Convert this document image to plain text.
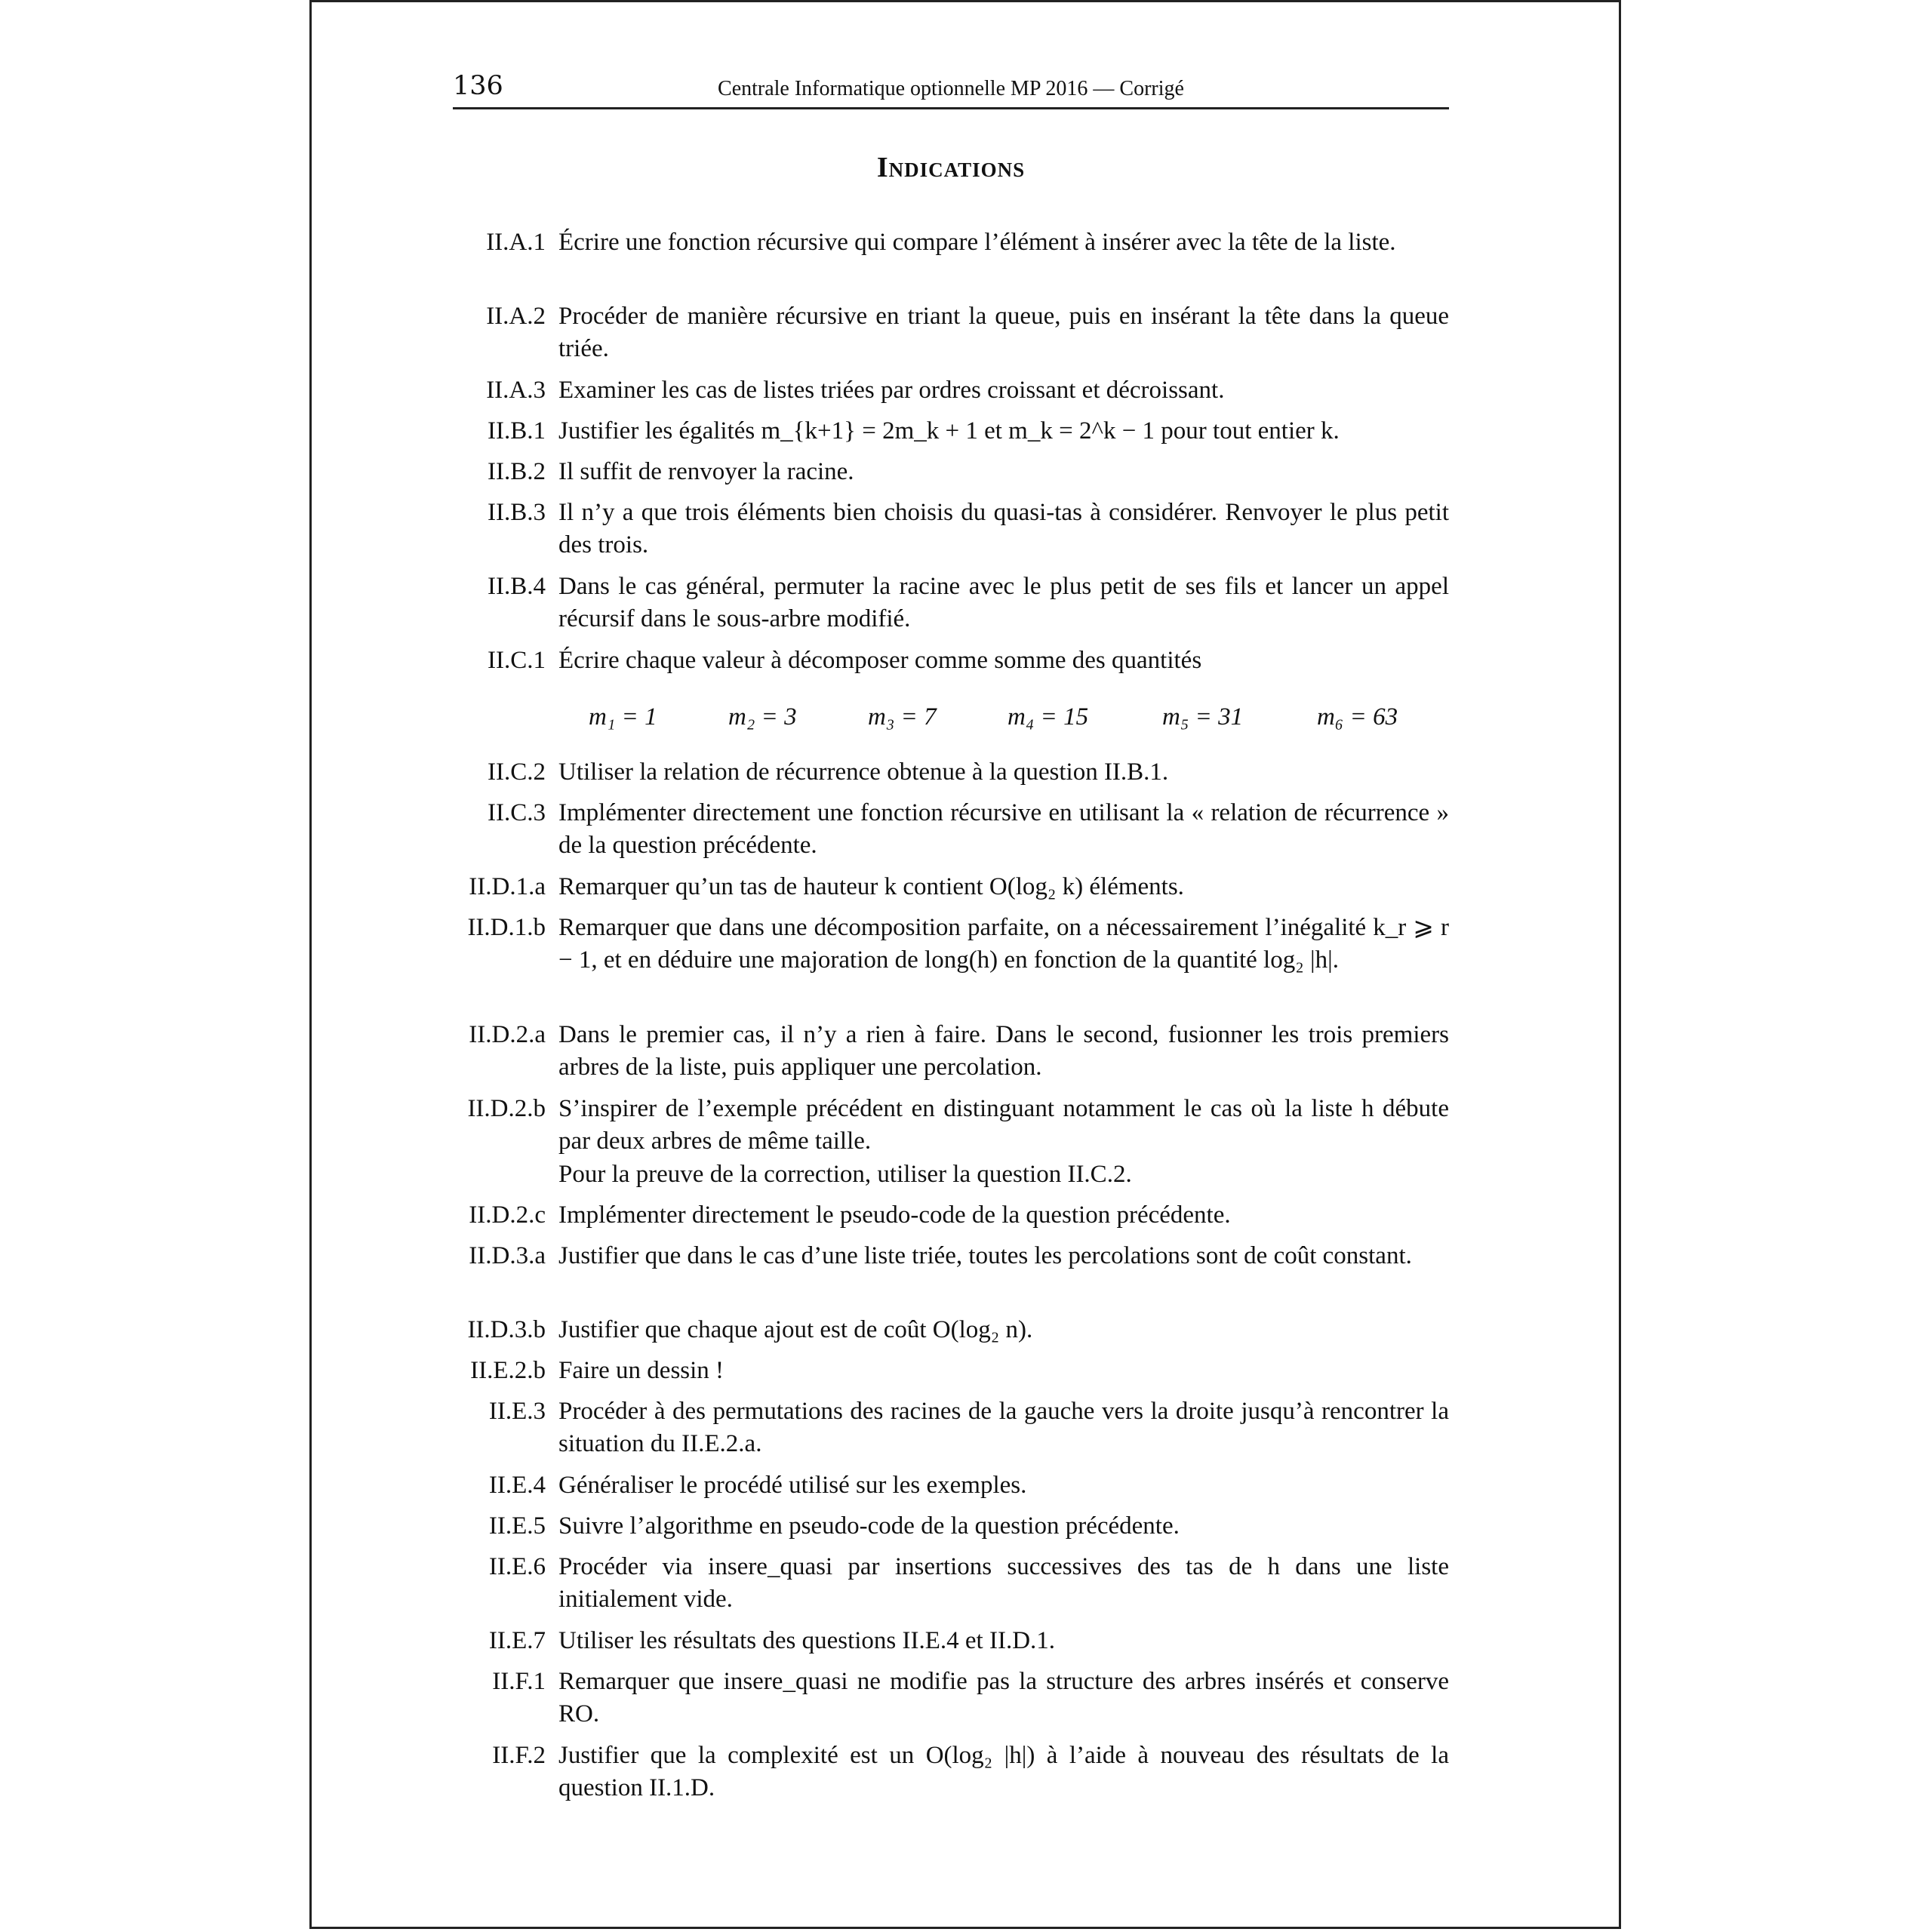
136	Centrale Informatique optionnelle MP 2016 — Corrigé
Indications
II.A.1 Écrire une fonction récursive qui compare l’élément à insérer avec la tête de la liste.
II.A.2 Procéder de manière récursive en triant la queue, puis en insérant la tête dans la queue triée.
II.A.3 Examiner les cas de listes triées par ordres croissant et décroissant.
II.B.1 Justifier les égalités m_{k+1} = 2m_k + 1 et m_k = 2^k − 1 pour tout entier k.
II.B.2 Il suffit de renvoyer la racine.
II.B.3 Il n’y a que trois éléments bien choisis du quasi-tas à considérer. Renvoyer le plus petit des trois.
II.B.4 Dans le cas général, permuter la racine avec le plus petit de ses fils et lancer un appel récursif dans le sous-arbre modifié.
II.C.1 Écrire chaque valeur à décomposer comme somme des quantités
II.C.2 Utiliser la relation de récurrence obtenue à la question II.B.1.
II.C.3 Implémenter directement une fonction récursive en utilisant la « relation de récurrence » de la question précédente.
II.D.1.a Remarquer qu’un tas de hauteur k contient O(log₂ k) éléments.
II.D.1.b Remarquer que dans une décomposition parfaite, on a nécessairement l’inégalité k_r ⩾ r − 1, et en déduire une majoration de long(h) en fonction de la quantité log₂ |h|.
II.D.2.a Dans le premier cas, il n’y a rien à faire. Dans le second, fusionner les trois premiers arbres de la liste, puis appliquer une percolation.
II.D.2.b S’inspirer de l’exemple précédent en distinguant notamment le cas où la liste h débute par deux arbres de même taille.
Pour la preuve de la correction, utiliser la question II.C.2.
II.D.2.c Implémenter directement le pseudo-code de la question précédente.
II.D.3.a Justifier que dans le cas d’une liste triée, toutes les percolations sont de coût constant.
II.D.3.b Justifier que chaque ajout est de coût O(log₂ n).
II.E.2.b Faire un dessin !
II.E.3 Procéder à des permutations des racines de la gauche vers la droite jusqu’à rencontrer la situation du II.E.2.a.
II.E.4 Généraliser le procédé utilisé sur les exemples.
II.E.5 Suivre l’algorithme en pseudo-code de la question précédente.
II.E.6 Procéder via insere_quasi par insertions successives des tas de h dans une liste initialement vide.
II.E.7 Utiliser les résultats des questions II.E.4 et II.D.1.
II.F.1 Remarquer que insere_quasi ne modifie pas la structure des arbres insérés et conserve RO.
II.F.2 Justifier que la complexité est un O(log₂ |h|) à l’aide à nouveau des résultats de la question II.1.D.
m₁ = 1	m₂ = 3	m₃ = 7	m₄ = 15	m₅ = 31	m₆ = 63
